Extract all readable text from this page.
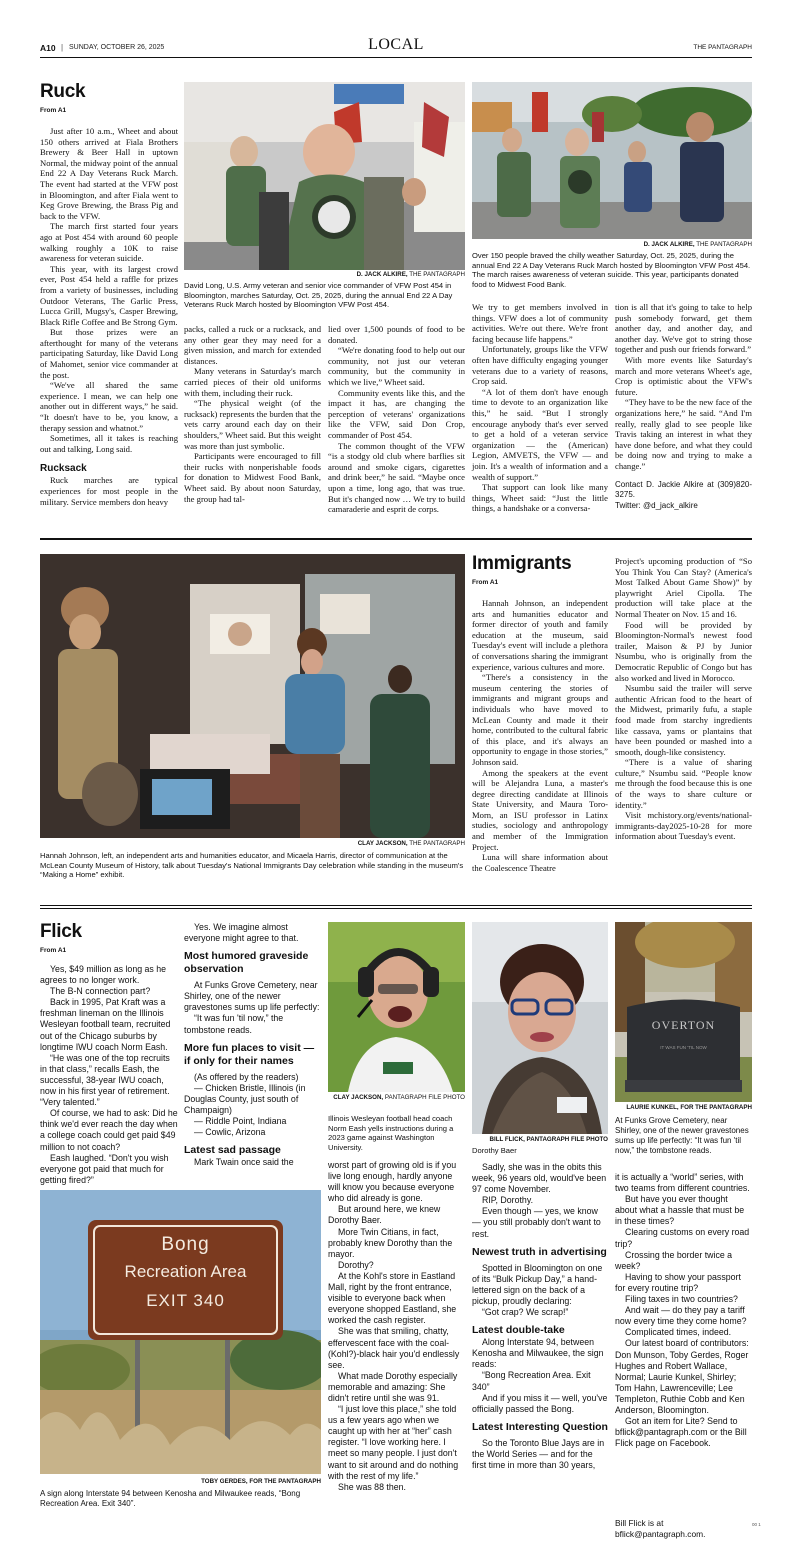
A10 | SUNDAY, OCTOBER 26, 2025	LOCAL	THE PANTAGRAPH
Ruck
From A1

Just after 10 a.m., Wheet and about 150 others arrived at Fiala Brothers Brewery & Beer Hall in uptown Normal, the midway point of the annual End 22 A Day Veterans Ruck March. The event had started at the VFW post in Bloomington, and after Fiala went to Keg Grove Brewing, the Brass Pig and back to the VFW.

The march first started four years ago at Post 454 with around 60 people walking roughly a 10K to raise awareness for veteran suicide.

This year, with its largest crowd ever, Post 454 held a raffle for prizes from a variety of businesses, including Outdoor Veterans, The Garlic Press, Lucca Grill, Mugsy's, Casper Brewing, Black Rifle Coffee and Be Strong Gym.

But those prizes were an afterthought for many of the veterans participating Saturday, like David Long of Mahomet, senior vice commander at the post.

“We've all shared the same experience. I mean, we can help one another out in different ways,” he said. “It doesn't have to be, you know, a therapy session and whatnot.”

Sometimes, all it takes is reaching out and talking, Long said.

Rucksack

Ruck marches are typical experiences for most people in the military. Service members don heavy

D. JACK ALKIRE, THE PANTAGRAPH
David Long, U.S. Army veteran and senior vice commander of VFW Post 454 in Bloomington, marches Saturday, Oct. 25, 2025, during the annual End 22 A Day Veterans Ruck March hosted by Bloomington VFW Post 454.
D. JACK ALKIRE, THE PANTAGRAPH
Over 150 people braved the chilly weather Saturday, Oct. 25, 2025, during the annual End 22 A Day Veterans Ruck March hosted by Bloomington VFW Post 454. The march raises awareness of veteran suicide. This year, participants donated food to Midwest Food Bank.

packs, called a ruck or a rucksack, and any other gear they may need for a given mission, and march for extended distances.

Many veterans in Saturday's march carried pieces of their old uniforms with them, including their ruck.

“The physical weight (of the rucksack) represents the burden that the vets carry around each day on their shoulders,” Wheet said. But this weight was more than just symbolic.

Participants were encouraged to fill their rucks with nonperishable foods for donation to Midwest Food Bank, Wheet said. By about noon Saturday, the group had tal-

lied over 1,500 pounds of food to be donated.

“We're donating food to help out our community, not just our veteran community, but the community in which we live,” Wheet said.

Community events like this, and the impact it has, are changing the perception of veterans' organizations like the VFW, said Don Crop, commander of Post 454.

The common thought of the VFW “is a stodgy old club where barflies sit around and smoke cigars, cigarettes and drink beer,” he said. “Maybe once upon a time, long ago, that was true. But it's changed now … We try to build camaraderie and esprit de corps.

We try to get members involved in things. VFW does a lot of community activities. We're out there. We're front facing because life happens.”

Unfortunately, groups like the VFW often have difficulty engaging younger veterans due to a variety of reasons, Crop said.

“A lot of them don't have enough time to devote to an organization like this,” he said. “But I strongly encourage anybody that's ever served to get a hold of a veteran service organization — the (American) Legion, AMVETS, the VFW — and join. It's a wealth of information and a wealth of support.”

That support can look like many things, Wheet said: “Just the little things, a handshake or a conversa-

tion is all that it's going to take to help push somebody forward, get them another day, and another day, and another day. We've got to string those together and push our friends forward.”

With more events like Saturday's march and more veterans Wheet's age, Crop is optimistic about the VFW's future.

“They have to be the new face of the organizations here,” he said. “And I'm really, really glad to see people like Travis taking an interest in what they have done before, and what they could be doing now and trying to make a change.”

Contact D. Jackie Alkire at (309)820-3275.
Twitter: @d_jack_alkire
CLAY JACKSON, THE PANTAGRAPH
Hannah Johnson, left, an independent arts and humanities educator, and Micaela Harris, director of communication at the McLean County Museum of History, talk about Tuesday's National Immigrants Day celebration while standing in the museum's “Making a Home” exhibit.
Immigrants
From A1

Hannah Johnson, an independent arts and humanities educator and former director of youth and family education at the museum, said Tuesday's event will include a plethora of conversations sharing the immigrant experience, various cultures and more.

“There's a consistency in the museum centering the stories of immigrants and migrant groups and individuals who have moved to McLean County and made it their home, contributed to the cultural fabric of this place, and it's always an opportunity to engage in those stories,” Johnson said.

Among the speakers at the event will be Alejandra Luna, a master's degree directing candidate at Illinois State University, and Maura Toro-Morn, an ISU professor in Latinx studies, sociology and anthropology and member of the Immigration Project.

Luna will share information about the Coalescence Theatre

Project's upcoming production of “So You Think You Can Stay? (America's Most Talked About Game Show)” by playwright Ariel Cipolla. The production will take place at the Normal Theater on Nov. 15 and 16.

Food will be provided by Bloomington-Normal's newest food trailer, Maison & PJ by Junior Nsumbu, who is originally from the Democratic Republic of Congo but has also worked and lived in Morocco.

Nsumbu said the trailer will serve authentic African food to the heart of the Midwest, primarily fufu, a staple food made from starchy ingredients like cassava, yams or plantains that have been pounded or mashed into a smooth, dough-like consistency.

“There is a value of sharing culture,” Nsumbu said. “People know me through the food because this is one of the ways to share culture or identity.”

Visit mchistory.org/events/national-immigrants-day2025-10-28 for more information about Tuesday's event.

Flick
From A1

Yes, $49 million as long as he agrees to no longer work.

The B-N connection part?

Back in 1995, Pat Kraft was a freshman lineman on the Illinois Wesleyan football team, recruited out of the Chicago suburbs by longtime IWU coach Norm Eash.

“He was one of the top recruits in that class,” recalls Eash, the successful, 38-year IWU coach, now in his first year of retirement. “Very talented.”

Of course, we had to ask: Did he think we'd ever reach the day when a college coach could get paid $49 million to not coach?

Eash laughed. “Don't you wish everyone got paid that much for getting fired?”

Yes. We imagine almost everyone might agree to that.

Most humored graveside observation

At Funks Grove Cemetery, near Shirley, one of the newer gravestones sums up life perfectly:

“It was fun 'til now,” the tombstone reads.

More fun places to visit — if only for their names

(As offered by the readers)

— Chicken Bristle, Illinois (in Douglas County, just south of Champaign)

— Riddle Point, Indiana

— Cowlic, Arizona

Latest sad passage

Mark Twain once said the

CLAY JACKSON, PANTAGRAPH FILE PHOTO
Illinois Wesleyan football head coach Norm Eash yells instructions during a 2023 game against Washington University.

worst part of growing old is if you live long enough, hardly anyone will know you because everyone who did already is gone.

But around here, we knew Dorothy Baer.

More Twin Citians, in fact, probably knew Dorothy than the mayor.

Dorothy?

At the Kohl's store in Eastland Mall, right by the front entrance, visible to everyone back when everyone shopped Eastland, she worked the cash register.

She was that smiling, chatty, effervescent face with the coal-(Kohl?)-black hair you'd endlessly see.

What made Dorothy especially memorable and amazing: She didn't retire until she was 91.

“I just love this place,” she told us a few years ago when we caught up with her at “her” cash register. “I love working here. I meet so many people. I just don't want to sit around and do nothing with the rest of my life.”

She was 88 then.

BILL FLICK, PANTAGRAPH FILE PHOTO
Dorothy Baer

Sadly, she was in the obits this week, 96 years old, would've been 97 come November.

RIP, Dorothy.

Even though — yes, we know — you still probably don't want to rest.

Newest truth in advertising

Spotted in Bloomington on one of its “Bulk Pickup Day,” a hand-lettered sign on the back of a pickup, proudly declaring:

“Got crap? We scrap!”

Latest double-take

Along Interstate 94, between Kenosha and Milwaukee, the sign reads:

“Bong Recreation Area. Exit 340”

And if you miss it — well, you've officially passed the Bong.

Latest Interesting Question

So the Toronto Blue Jays are in the World Series — and for the first time in more than 30 years,

OVERTON
IT WAS FUN 'TIL NOW
LAURIE KUNKEL, FOR THE PANTAGRAPH
At Funks Grove Cemetery, near Shirley, one of the newer gravestones sums up life perfectly: “It was fun 'til now,” the tombstone reads.

it is actually a “world” series, with two teams from different countries.

But have you ever thought about what a hassle that must be in these times?

Clearing customs on every road trip?

Crossing the border twice a week?

Having to show your passport for every routine trip?

Filing taxes in two countries?

And wait — do they pay a tariff now every time they come home?

Complicated times, indeed.

Our latest board of contributors: Don Munson, Toby Gerdes, Roger Hughes and Robert Wallace, Normal; Laurie Kunkel, Shirley; Tom Hahn, Lawrenceville; Lee Templeton, Ruthie Cobb and Ken Anderson, Bloomington.

Got an item for Lite? Send to bflick@pantagraph.com or the Bill Flick page on Facebook.

Bill Flick is at bflick@pantagraph.com.
00 1
Bong
Recreation Area
EXIT 340
TOBY GERDES, FOR THE PANTAGRAPH
A sign along Interstate 94 between Kenosha and Milwaukee reads, “Bong Recreation Area. Exit 340”.
